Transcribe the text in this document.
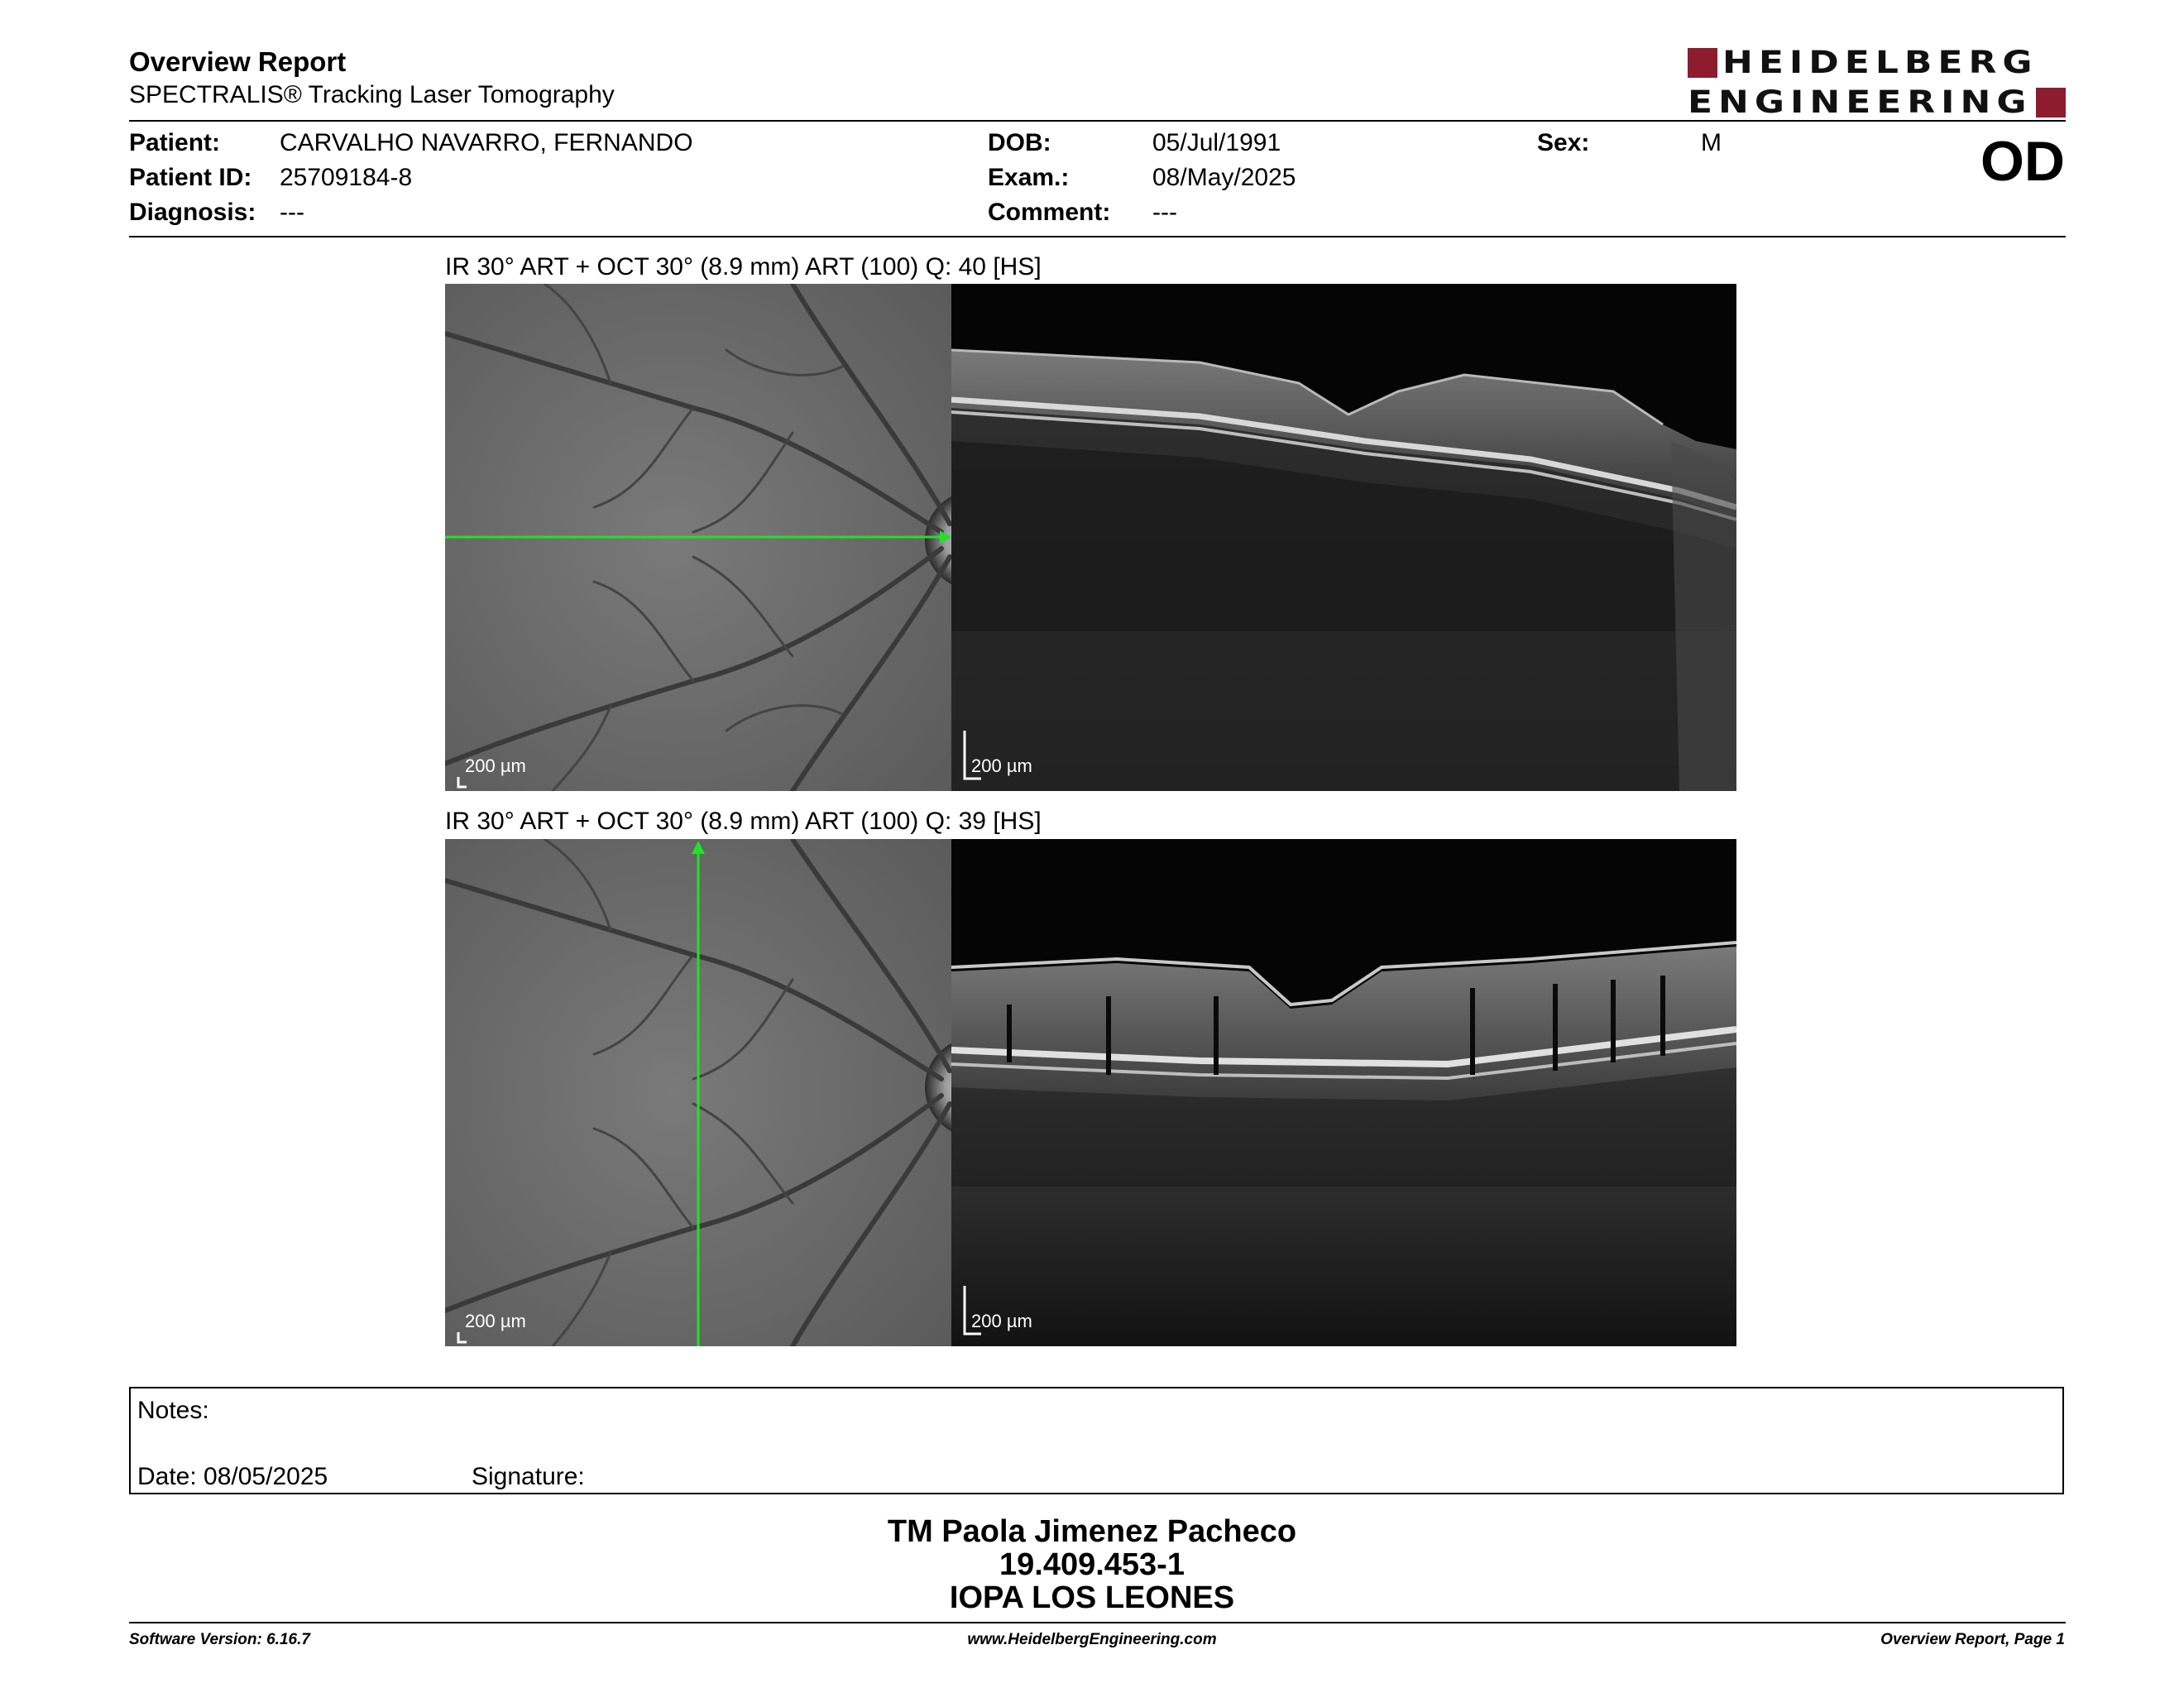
Overview Report
SPECTRALIS® Tracking Laser Tomography
HEIDELBERG
ENGINEERING
Patient: CARVALHO NAVARRO, FERNANDO
Patient ID: 25709184-8
Diagnosis: ---
DOB:	05/Jul/1991
Exam.:	08/May/2025
Comment: ---
Sex:	M	OD
IR 30° ART + OCT 30° (8.9 mm) ART (100) Q: 40 [HS]
200 µm	200 µm
IR 30° ART + OCT 30° (8.9 mm) ART (100) Q: 39 [HS]
200 µm	200 µm
Notes:
Date: 08/05/2025	Signature:
TM Paola Jimenez Pacheco
19.409.453-1
IOPA LOS LEONES
Software Version: 6.16.7	www.HeidelbergEngineering.com	Overview Report, Page 1
